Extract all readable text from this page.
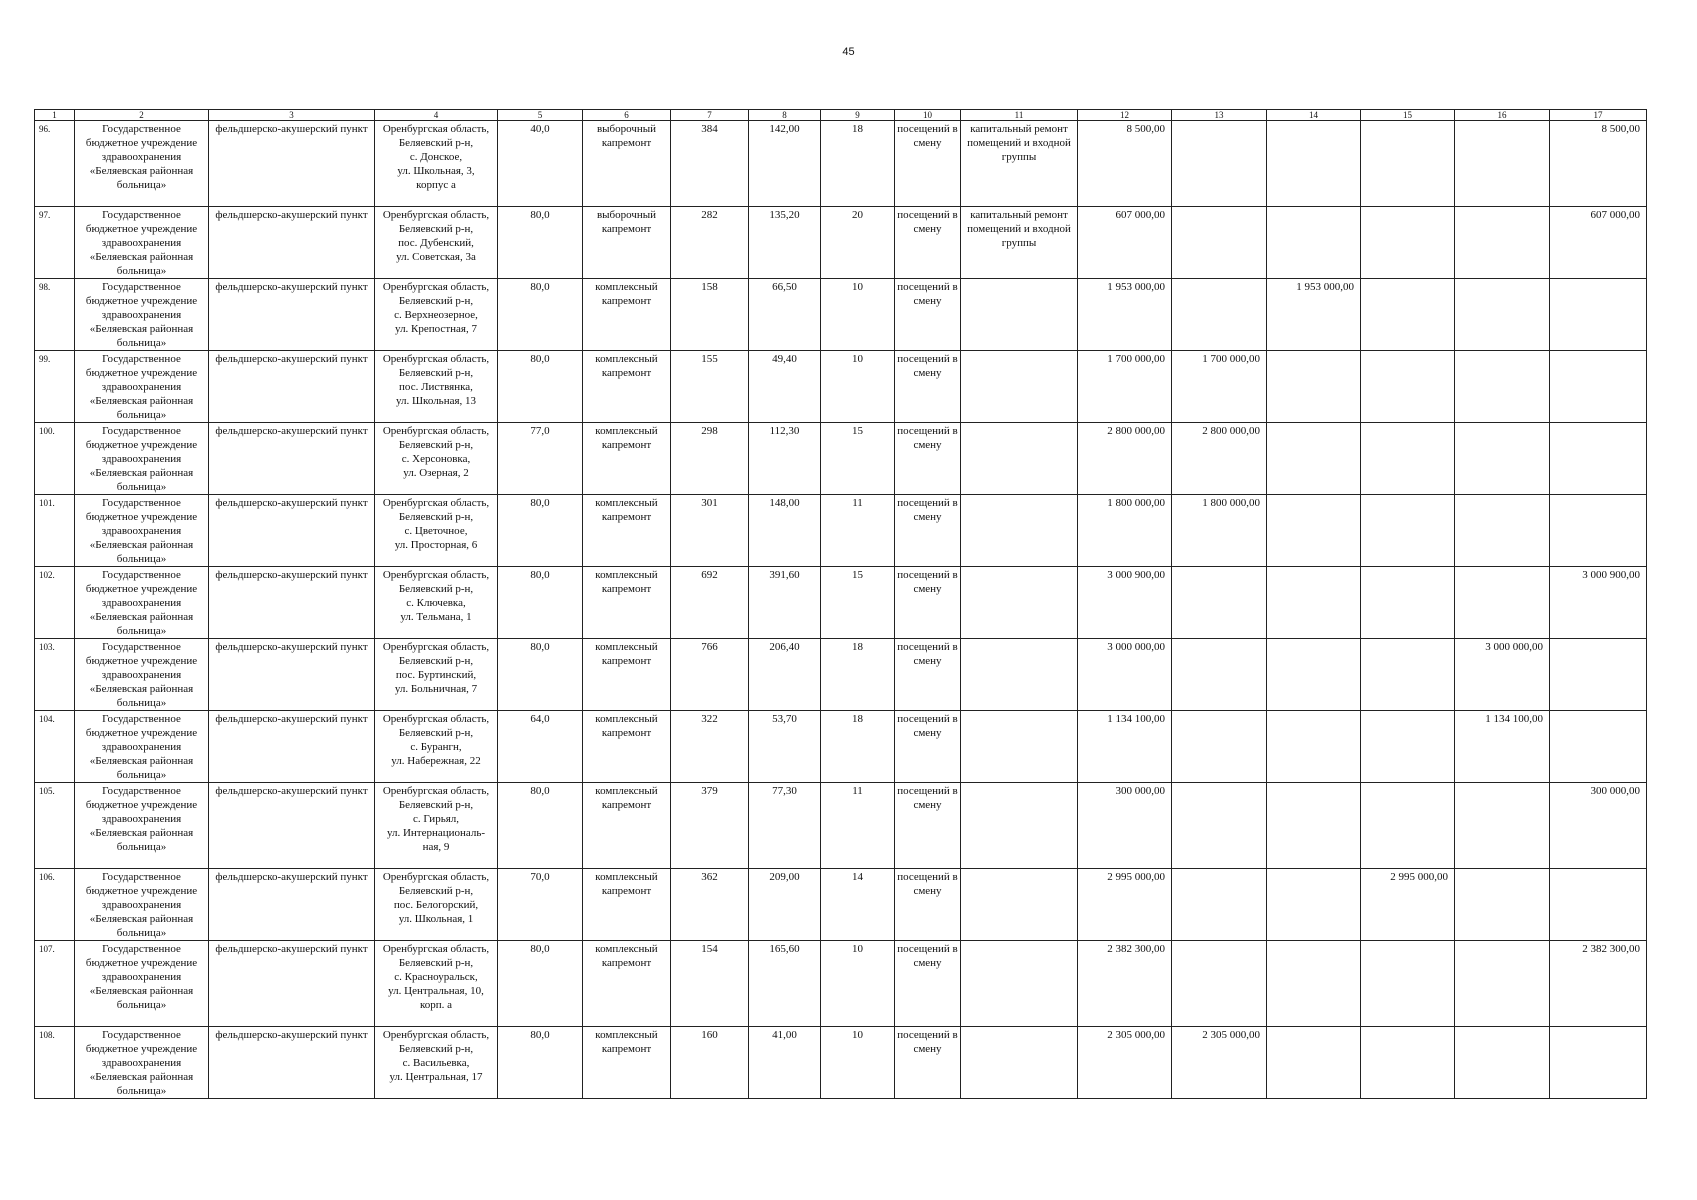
45
1	2	3	4	5	6	7	8	9	10	11	12	13	14	15	16	17
96.	Государственное бюджетное учреждение здравоохранения «Беляевская районная больница»	фельдшерско-акушерский пункт	Оренбургская область,
Беляевский р-н,
с. Донское,
ул. Школьная, 3,
корпус а	40,0	выборочный капремонт	384	142,00	18	посещений в смену	капитальный ремонт помещений и входной группы	8 500,00					8 500,00
97.	Государственное бюджетное учреждение здравоохранения «Беляевская районная больница»	фельдшерско-акушерский пункт	Оренбургская область,
Беляевский р-н,
пос. Дубенский,
ул. Советская, 3а	80,0	выборочный капремонт	282	135,20	20	посещений в смену	капитальный ремонт помещений и входной группы	607 000,00					607 000,00
98.	Государственное бюджетное учреждение здравоохранения «Беляевская районная больница»	фельдшерско-акушерский пункт	Оренбургская область,
Беляевский р-н,
с. Верхнеозерное,
ул. Крепостная, 7	80,0	комплексный капремонт	158	66,50	10	посещений в смену		1 953 000,00		1 953 000,00			
99.	Государственное бюджетное учреждение здравоохранения «Беляевская районная больница»	фельдшерско-акушерский пункт	Оренбургская область,
Беляевский р-н,
пос. Листвянка,
ул. Школьная, 13	80,0	комплексный капремонт	155	49,40	10	посещений в смену		1 700 000,00	1 700 000,00				
100.	Государственное бюджетное учреждение здравоохранения «Беляевская районная больница»	фельдшерско-акушерский пункт	Оренбургская область,
Беляевский р-н,
с. Херсоновка,
ул. Озерная, 2	77,0	комплексный капремонт	298	112,30	15	посещений в смену		2 800 000,00	2 800 000,00				
101.	Государственное бюджетное учреждение здравоохранения «Беляевская районная больница»	фельдшерско-акушерский пункт	Оренбургская область,
Беляевский р-н,
с. Цветочное,
ул. Просторная, 6	80,0	комплексный капремонт	301	148,00	11	посещений в смену		1 800 000,00	1 800 000,00				
102.	Государственное бюджетное учреждение здравоохранения «Беляевская районная больница»	фельдшерско-акушерский пункт	Оренбургская область,
Беляевский р-н,
с. Ключевка,
ул. Тельмана, 1	80,0	комплексный капремонт	692	391,60	15	посещений в смену		3 000 900,00					3 000 900,00
103.	Государственное бюджетное учреждение здравоохранения «Беляевская районная больница»	фельдшерско-акушерский пункт	Оренбургская область,
Беляевский р-н,
пос. Буртинский,
ул. Больничная, 7	80,0	комплексный капремонт	766	206,40	18	посещений в смену		3 000 000,00				3 000 000,00	
104.	Государственное бюджетное учреждение здравоохранения «Беляевская районная больница»	фельдшерско-акушерский пункт	Оренбургская область,
Беляевский р-н,
с. Бурангн,
ул. Набережная, 22	64,0	комплексный капремонт	322	53,70	18	посещений в смену		1 134 100,00				1 134 100,00	
105.	Государственное бюджетное учреждение здравоохранения «Беляевская районная больница»	фельдшерско-акушерский пункт	Оренбургская область,
Беляевский р-н,
с. Гирьял,
ул. Интернациональ-
ная, 9	80,0	комплексный капремонт	379	77,30	11	посещений в смену		300 000,00					300 000,00
106.	Государственное бюджетное учреждение здравоохранения «Беляевская районная больница»	фельдшерско-акушерский пункт	Оренбургская область,
Беляевский р-н,
пос. Белогорский,
ул. Школьная, 1	70,0	комплексный капремонт	362	209,00	14	посещений в смену		2 995 000,00			2 995 000,00		
107.	Государственное бюджетное учреждение здравоохранения «Беляевская районная больница»	фельдшерско-акушерский пункт	Оренбургская область,
Беляевский р-н,
с. Красноуральск,
ул. Центральная, 10,
корп. а	80,0	комплексный капремонт	154	165,60	10	посещений в смену		2 382 300,00					2 382 300,00
108.	Государственное бюджетное учреждение здравоохранения «Беляевская районная больница»	фельдшерско-акушерский пункт	Оренбургская область,
Беляевский р-н,
с. Васильевка,
ул. Центральная, 17	80,0	комплексный капремонт	160	41,00	10	посещений в смену		2 305 000,00	2 305 000,00				
